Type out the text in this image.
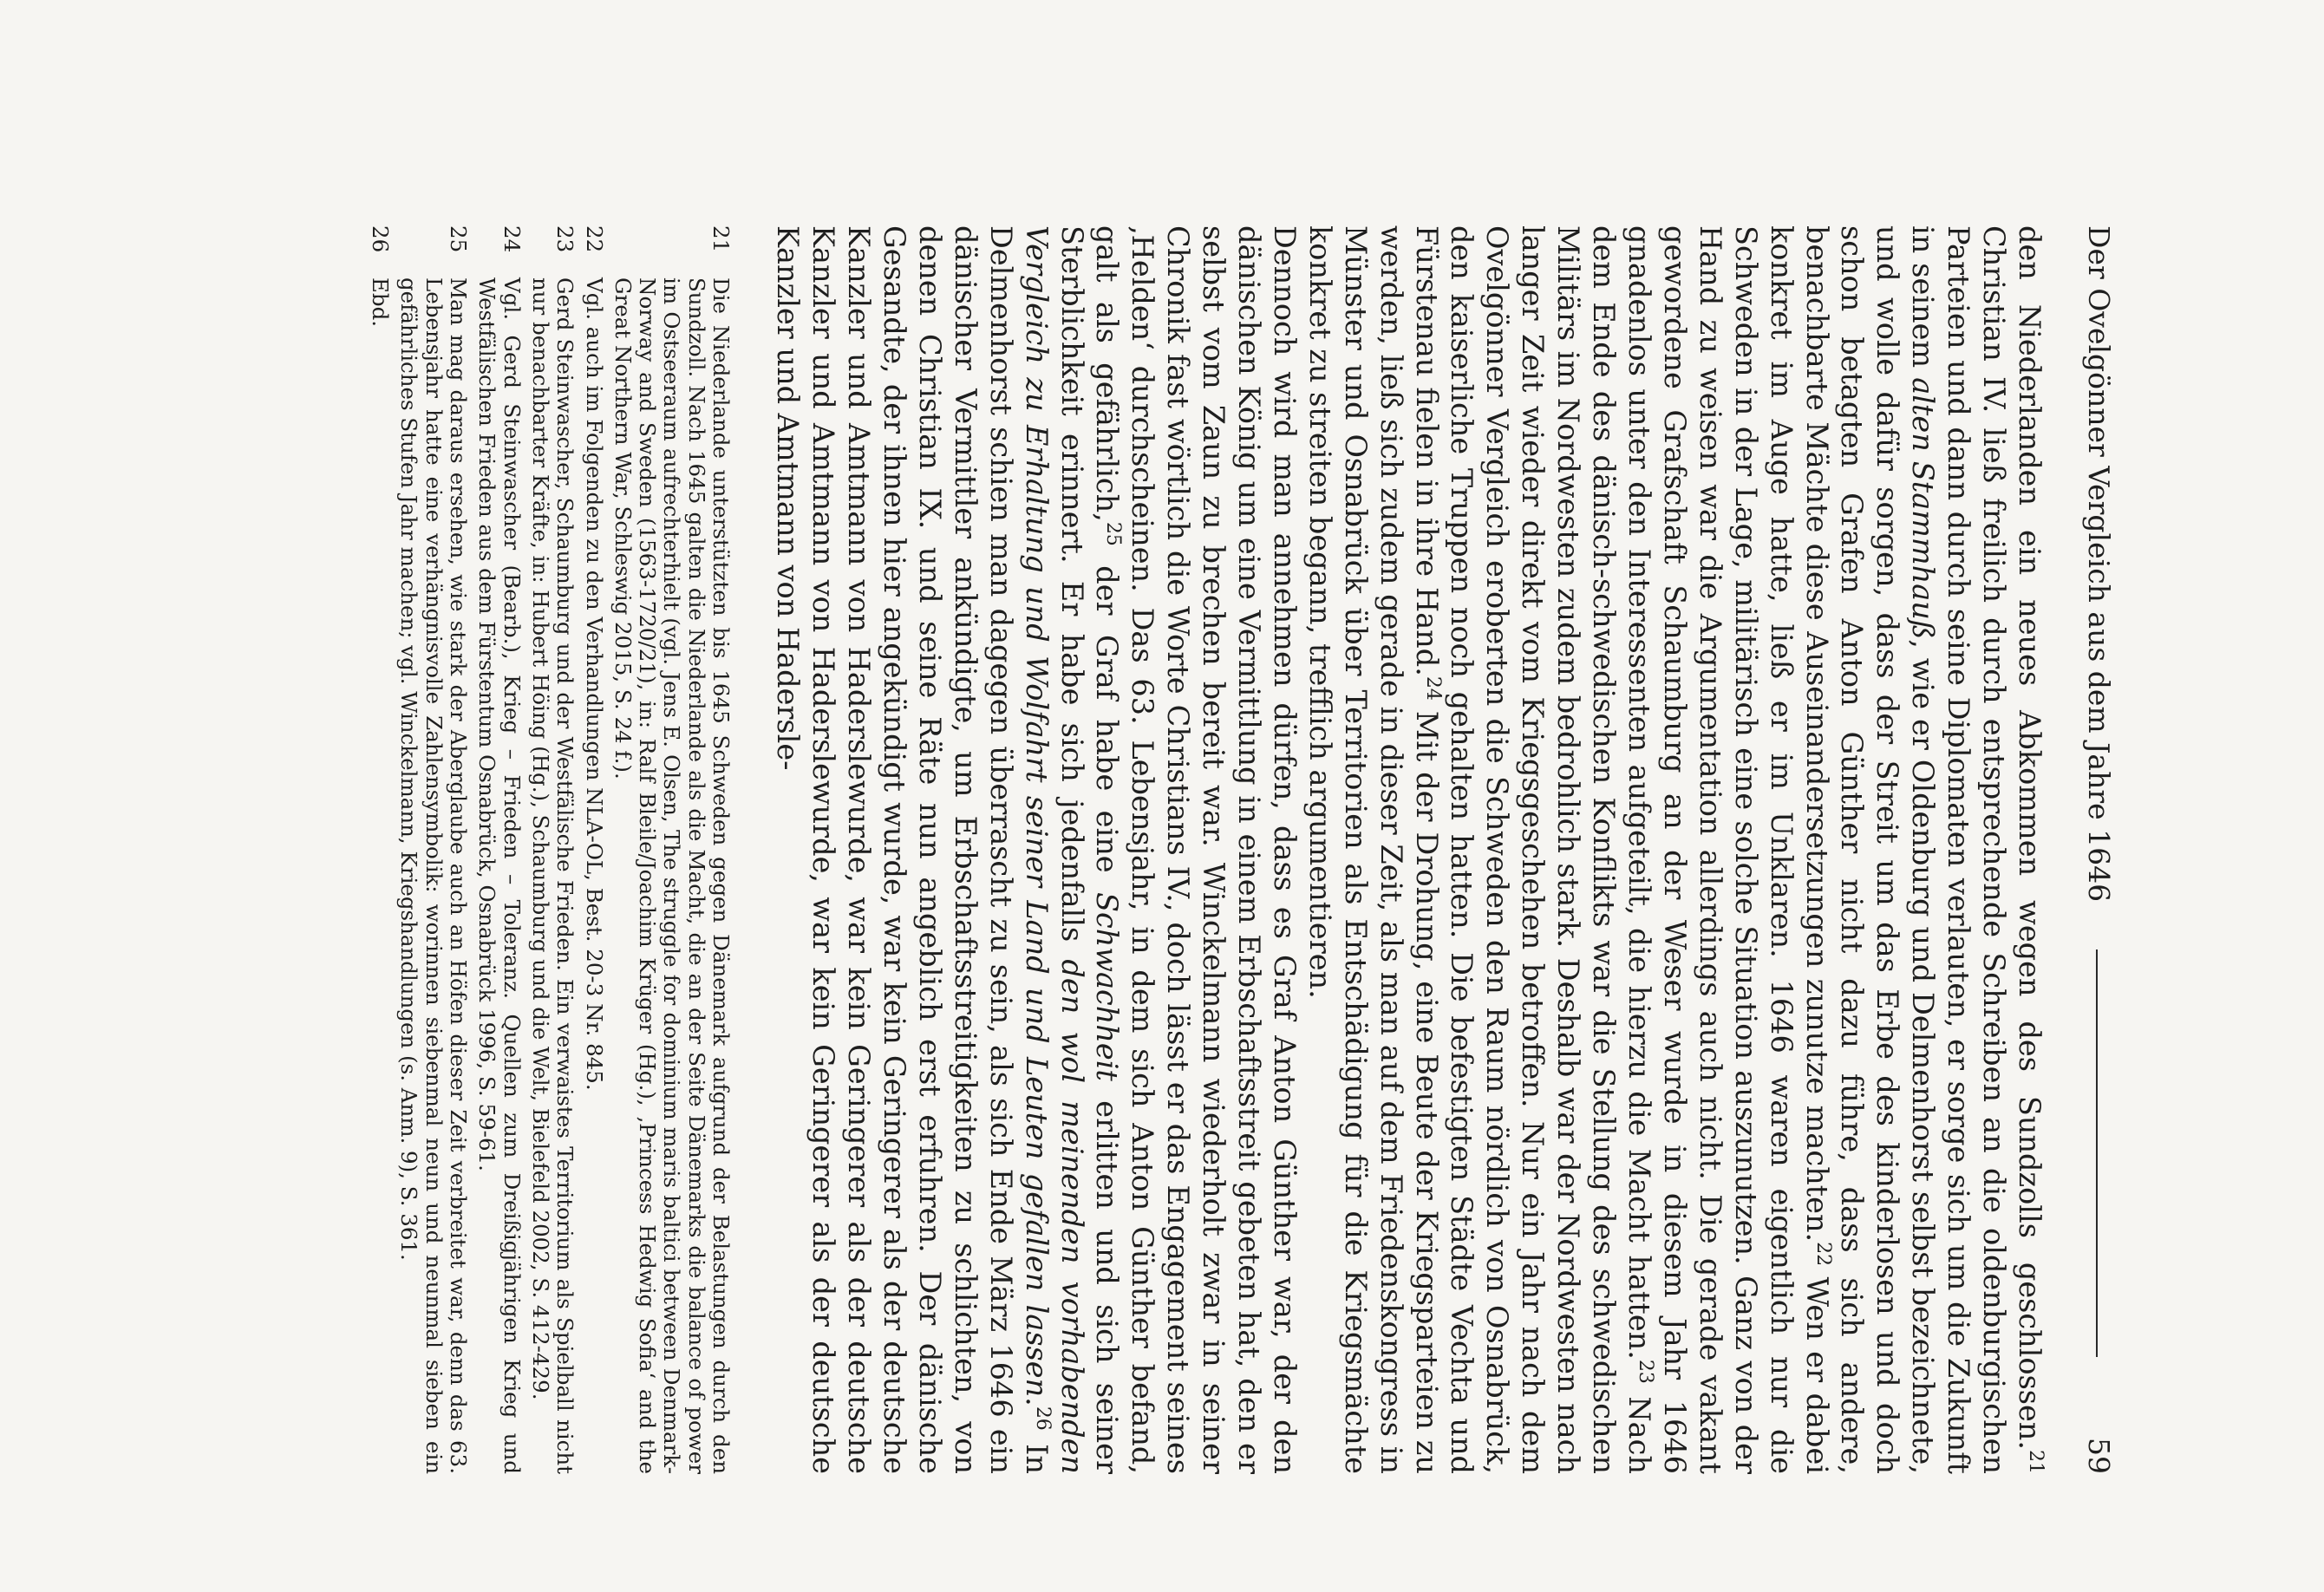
Der Ovelgönner Vergleich aus dem Jahre 1646
59

den Niederlanden ein neues Abkommen wegen des Sundzolls geschlossen.$^{21}$ Christian IV. ließ freilich durch entsprechende Schreiben an die oldenburgischen Parteien und dann durch seine Diplomaten verlauten, er sorge sich um die Zukunft in seinem alten Stammhauß, wie er Oldenburg und Delmenhorst selbst bezeichnete, und wolle dafür sorgen, dass der Streit um das Erbe des kinderlosen und doch schon betagten Grafen Anton Günther nicht dazu führe, dass sich andere, benachbarte Mächte diese Auseinandersetzungen zunutze machten.$^{22}$ Wen er dabei konkret im Auge hatte, ließ er im Unklaren. 1646 waren eigentlich nur die Schweden in der Lage, militärisch eine solche Situation auszunutzen. Ganz von der Hand zu weisen war die Argumentation allerdings auch nicht. Die gerade vakant gewordene Grafschaft Schaumburg an der Weser wurde in diesem Jahr 1646 gnadenlos unter den Interessenten aufgeteilt, die hierzu die Macht hatten.$^{23}$ Nach dem Ende des dänisch-schwedischen Konflikts war die Stellung des schwedischen Militärs im Nordwesten zudem bedrohlich stark. Deshalb war der Nordwesten nach langer Zeit wieder direkt vom Kriegsgeschehen betroffen. Nur ein Jahr nach dem Ovelgönner Vergleich eroberten die Schweden den Raum nördlich von Osnabrück, den kaiserliche Truppen noch gehalten hatten. Die befestigten Städte Vechta und Fürstenau fielen in ihre Hand.$^{24}$ Mit der Drohung, eine Beute der Kriegsparteien zu werden, ließ sich zudem gerade in dieser Zeit, als man auf dem Friedenskongress in Münster und Osnabrück über Territorien als Entschädigung für die Kriegsmächte konkret zu streiten begann, trefflich argumentieren.

Dennoch wird man annehmen dürfen, dass es Graf Anton Günther war, der den dänischen König um eine Vermittlung in einem Erbschaftsstreit gebeten hat, den er selbst vom Zaun zu brechen bereit war. Winckelmann wiederholt zwar in seiner Chronik fast wörtlich die Worte Christians IV., doch lässt er das Engagement seines ‚Helden‘ durchscheinen. Das 63. Lebensjahr, in dem sich Anton Günther befand, galt als gefährlich,$^{25}$ der Graf habe eine Schwachheit erlitten und sich seiner Sterblichkeit erinnert. Er habe sich jedenfalls den wol meinenden vorhabenden Vergleich zu Erhaltung und Wolfahrt seiner Land und Leuten gefallen lassen.$^{26}$ In Delmenhorst schien man dagegen überrascht zu sein, als sich Ende März 1646 ein dänischer Vermittler ankündigte, um Erbschaftsstreitigkeiten zu schlichten, von denen Christian IX. und seine Räte nun angeblich erst erfuhren. Der dänische Gesandte, der ihnen hier angekündigt wurde, war kein Geringerer als der deutsche Kanzler und Amtmann von Haderslewurde, war kein Geringerer als der deutsche Kanzler und Amtmann von Haderslewurde, war kein Geringerer als der deutsche Kanzler und Amtmann von Hadersle-

21
Die Niederlande unterstützten bis 1645 Schweden gegen Dänemark aufgrund der Belastungen durch den Sundzoll. Nach 1645 galten die Niederlande als die Macht, die an der Seite Dänemarks die balance of power im Ostseeraum aufrechterhielt (vgl. Jens E. Olsen, The struggle for dominium maris baltici between Denmark-Norway and Sweden (1563-1720/21), in: Ralf Bleile/Joachim Krüger (Hg.), ‚Princess Hedwig Sofia‘ and the Great Northern War, Schleswig 2015, S. 24 f.).
22
Vgl. auch im Folgenden zu den Verhandlungen NLA-OL, Best. 20-3 Nr. 845.
23
Gerd Steinwascher, Schaumburg und der Westfälische Frieden. Ein verwaistes Territorium als Spielball nicht nur benachbarter Kräfte, in: Hubert Höing (Hg.), Schaumburg und die Welt, Bielefeld 2002, S. 412-429.
24
Vgl. Gerd Steinwascher (Bearb.), Krieg – Frieden – Toleranz. Quellen zum Dreißigjährigen Krieg und Westfälischen Frieden aus dem Fürstentum Osnabrück, Osnabrück 1996, S. 59-61.
25
Man mag daraus ersehen, wie stark der Aberglaube auch an Höfen dieser Zeit verbreitet war, denn das 63. Lebensjahr hatte eine verhängnisvolle Zahlensymbolik: worinnen siebenmal neun und neunmal sieben ein gefährliches Stufen Jahr machen; vgl. Winckelmann, Kriegshandlungen (s. Anm. 9), S. 361.
26
Ebd.
